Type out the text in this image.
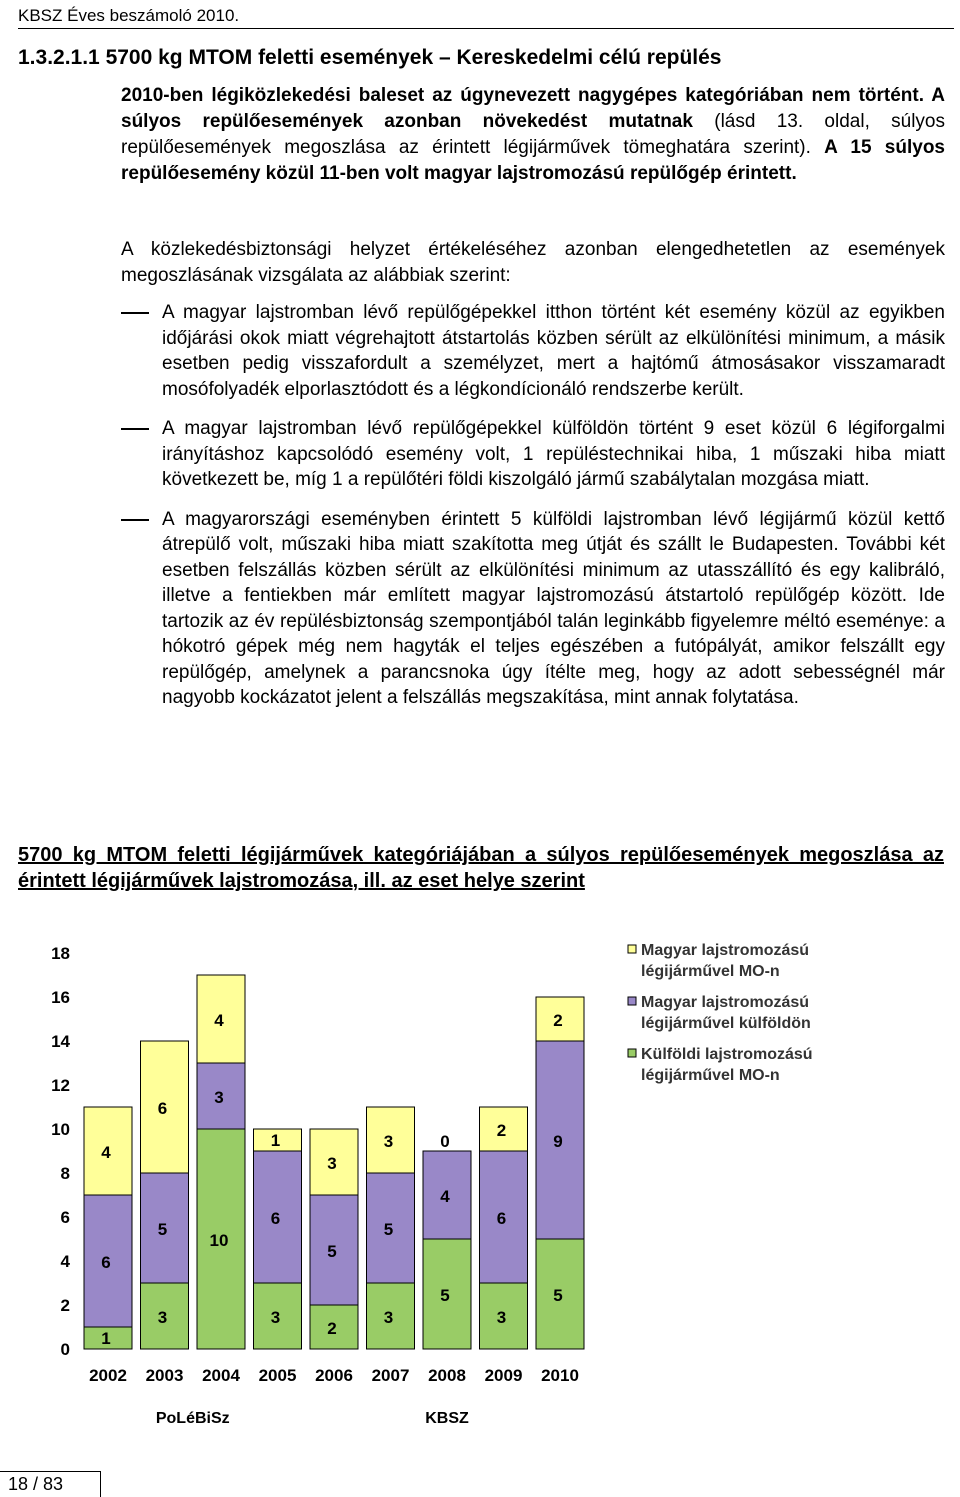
KBSZ Éves beszámoló 2010.
1.3.2.1.1 5700 kg MTOM feletti események – Kereskedelmi célú repülés
2010-ben légiközlekedési baleset az úgynevezett nagygépes kategóriában nem történt. A súlyos repülőesemények azonban növekedést mutatnak (lásd 13. oldal, súlyos repülőesemények megoszlása az érintett légijárművek tömeghatára szerint). A 15 súlyos repülőesemény közül 11-ben volt magyar lajstromozású repülőgép érintett.
A közlekedésbiztonsági helyzet értékeléséhez azonban elengedhetetlen az események megoszlásának vizsgálata az alábbiak szerint:
A magyar lajstromban lévő repülőgépekkel itthon történt két esemény közül az egyikben időjárási okok miatt végrehajtott átstartolás közben sérült az elkülönítési minimum, a másik esetben pedig visszafordult a személyzet, mert a hajtómű átmosásakor visszamaradt mosófolyadék elporlasztódott és a légkondícionáló rendszerbe került.
A magyar lajstromban lévő repülőgépekkel külföldön történt 9 eset közül 6 légiforgalmi irányításhoz kapcsolódó esemény volt, 1 repüléstechnikai hiba, 1 műszaki hiba miatt következett be, míg 1 a repülőtéri földi kiszolgáló jármű szabálytalan mozgása miatt.
A magyarországi eseményben érintett 5 külföldi lajstromban lévő légijármű közül kettő átrepülő volt, műszaki hiba miatt szakította meg útját és szállt le Budapesten. További két esetben felszállás közben sérült az elkülönítési minimum az utasszállító és egy kalibráló, illetve a fentiekben már említett magyar lajstromozású átstartoló repülőgép között. Ide tartozik az év repülésbiztonság szempontjából talán leginkább figyelemre méltó eseménye: a hókotró gépek még nem hagyták el teljes egészében a futópályát, amikor felszállt egy repülőgép, amelynek a parancsnoka úgy ítélte meg, hogy az adott sebességnél már nagyobb kockázatot jelent a felszállás megszakítása, mint annak folytatása.
5700 kg MTOM feletti légijárművek kategóriájában a súlyos repülőesemények megoszlása az érintett légijárművek lajstromozása, ill. az eset helye szerint
0
2
4
6
8
10
12
14
16
18
1
6
4
2002
3
5
6
2003
10
3
4
2004
3
6
1
2005
2
5
3
2006
3
5
3
2007
5
4
0
2008
3
6
2
2009
5
9
2
2010
PoLéBiSz	KBSZ
Magyar lajstromozású
légijárművel MO-n
Magyar lajstromozású
légijárművel külföldön
Külföldi lajstromozású
légijárművel MO-n
18 / 83
